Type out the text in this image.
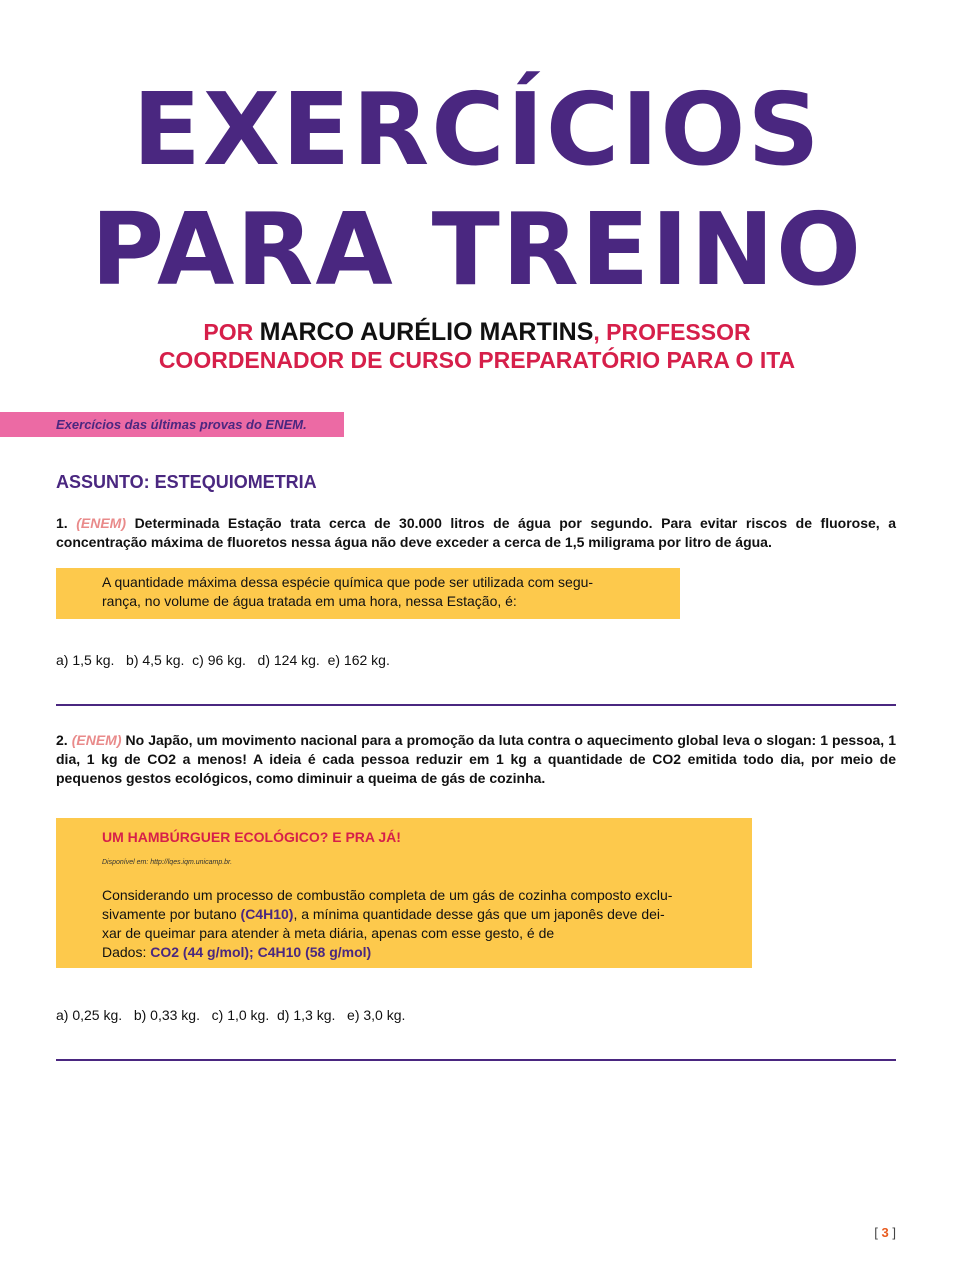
EXERCÍCIOS
PARA TREINO
POR MARCO AURÉLIO MARTINS, PROFESSOR
COORDENADOR DE CURSO PREPARATÓRIO PARA O ITA
Exercícios das últimas provas do ENEM.
ASSUNTO: ESTEQUIOMETRIA
1. (ENEM) Determinada Estação trata cerca de 30.000 litros de água por segundo. Para evitar riscos de fluorose, a concentração máxima de fluoretos nessa água não deve exceder a cerca de 1,5 miligrama por litro de água.
A quantidade máxima dessa espécie química que pode ser utilizada com segu-
rança, no volume de água tratada em uma hora, nessa Estação, é:
a) 1,5 kg.   b) 4,5 kg.  c) 96 kg.   d) 124 kg.  e) 162 kg.
2. (ENEM) No Japão, um movimento nacional para a promoção da luta contra o aquecimento global leva o slogan: 1 pessoa, 1 dia, 1 kg de CO2 a menos! A ideia é cada pessoa reduzir em 1 kg a quantidade de CO2 emitida todo dia, por meio de pequenos gestos ecológicos, como diminuir a queima de gás de cozinha.
UM HAMBÚRGUER ECOLÓGICO? E PRA JÁ!
Disponível em: http://lqes.iqm.unicamp.br.
Considerando um processo de combustão completa de um gás de cozinha composto exclu-
sivamente por butano (C4H10), a mínima quantidade desse gás que um japonês deve dei-
xar de queimar para atender à meta diária, apenas com esse gesto, é de
Dados: CO2 (44 g/mol); C4H10 (58 g/mol)
a) 0,25 kg.   b) 0,33 kg.   c) 1,0 kg.  d) 1,3 kg.   e) 3,0 kg.
[ 3 ]
